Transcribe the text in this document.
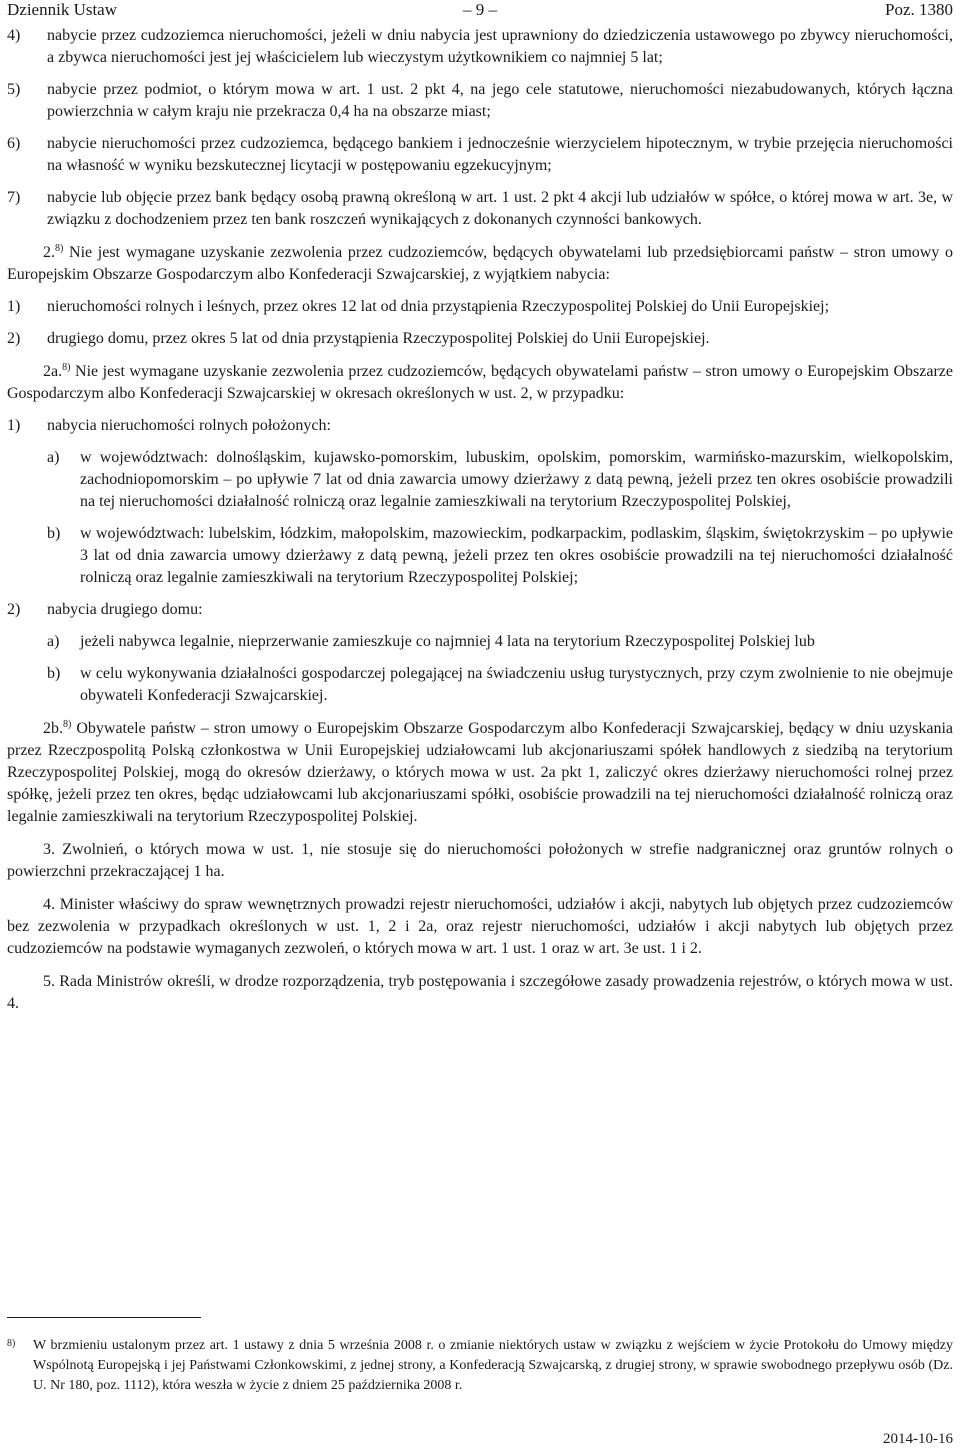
Dziennik Ustaw	– 9 –	Poz. 1380
4) nabycie przez cudzoziemca nieruchomości, jeżeli w dniu nabycia jest uprawniony do dziedziczenia ustawowego po zbywcy nieruchomości, a zbywca nieruchomości jest jej właścicielem lub wieczystym użytkownikiem co najmniej 5 lat;
5) nabycie przez podmiot, o którym mowa w art. 1 ust. 2 pkt 4, na jego cele statutowe, nieruchomości niezabudowanych, których łączna powierzchnia w całym kraju nie przekracza 0,4 ha na obszarze miast;
6) nabycie nieruchomości przez cudzoziemca, będącego bankiem i jednocześnie wierzycielem hipotecznym, w trybie przejęcia nieruchomości na własność w wyniku bezskutecznej licytacji w postępowaniu egzekucyjnym;
7) nabycie lub objęcie przez bank będący osobą prawną określoną w art. 1 ust. 2 pkt 4 akcji lub udziałów w spółce, o której mowa w art. 3e, w związku z dochodzeniem przez ten bank roszczeń wynikających z dokonanych czynności bankowych.

2.$^{8)}$ Nie jest wymagane uzyskanie zezwolenia przez cudzoziemców, będących obywatelami lub przedsiębiorcami państw – stron umowy o Europejskim Obszarze Gospodarczym albo Konfederacji Szwajcarskiej, z wyjątkiem nabycia:

1) nieruchomości rolnych i leśnych, przez okres 12 lat od dnia przystąpienia Rzeczypospolitej Polskiej do Unii Europejskiej;
2) drugiego domu, przez okres 5 lat od dnia przystąpienia Rzeczypospolitej Polskiej do Unii Europejskiej.

2a.$^{8)}$ Nie jest wymagane uzyskanie zezwolenia przez cudzoziemców, będących obywatelami państw – stron umowy o Europejskim Obszarze Gospodarczym albo Konfederacji Szwajcarskiej w okresach określonych w ust. 2, w przypadku:

1) nabycia nieruchomości rolnych położonych:
a) w województwach: dolnośląskim, kujawsko-pomorskim, lubuskim, opolskim, pomorskim, warmińsko-mazurskim, wielkopolskim, zachodniopomorskim – po upływie 7 lat od dnia zawarcia umowy dzierżawy z datą pewną, jeżeli przez ten okres osobiście prowadzili na tej nieruchomości działalność rolniczą oraz legalnie zamieszkiwali na terytorium Rzeczypospolitej Polskiej,
b) w województwach: lubelskim, łódzkim, małopolskim, mazowieckim, podkarpackim, podlaskim, śląskim, świętokrzyskim – po upływie 3 lat od dnia zawarcia umowy dzierżawy z datą pewną, jeżeli przez ten okres osobiście prowadzili na tej nieruchomości działalność rolniczą oraz legalnie zamieszkiwali na terytorium Rzeczypospolitej Polskiej;
2) nabycia drugiego domu:
a) jeżeli nabywca legalnie, nieprzerwanie zamieszkuje co najmniej 4 lata na terytorium Rzeczypospolitej Polskiej lub
b) w celu wykonywania działalności gospodarczej polegającej na świadczeniu usług turystycznych, przy czym zwolnienie to nie obejmuje obywateli Konfederacji Szwajcarskiej.

2b.$^{8)}$ Obywatele państw – stron umowy o Europejskim Obszarze Gospodarczym albo Konfederacji Szwajcarskiej, będący w dniu uzyskania przez Rzeczpospolitą Polską członkostwa w Unii Europejskiej udziałowcami lub akcjonariuszami spółek handlowych z siedzibą na terytorium Rzeczypospolitej Polskiej, mogą do okresów dzierżawy, o których mowa w ust. 2a pkt 1, zaliczyć okres dzierżawy nieruchomości rolnej przez spółkę, jeżeli przez ten okres, będąc udziałowcami lub akcjonariuszami spółki, osobiście prowadzili na tej nieruchomości działalność rolniczą oraz legalnie zamieszkiwali na terytorium Rzeczypospolitej Polskiej.

3. Zwolnień, o których mowa w ust. 1, nie stosuje się do nieruchomości położonych w strefie nadgranicznej oraz gruntów rolnych o powierzchni przekraczającej 1 ha.

4. Minister właściwy do spraw wewnętrznych prowadzi rejestr nieruchomości, udziałów i akcji, nabytych lub objętych przez cudzoziemców bez zezwolenia w przypadkach określonych w ust. 1, 2 i 2a, oraz rejestr nieruchomości, udziałów i akcji nabytych lub objętych przez cudzoziemców na podstawie wymaganych zezwoleń, o których mowa w art. 1 ust. 1 oraz w art. 3e ust. 1 i 2.

5. Rada Ministrów określi, w drodze rozporządzenia, tryb postępowania i szczegółowe zasady prowadzenia rejestrów, o których mowa w ust. 4.

8)	W brzmieniu ustalonym przez art. 1 ustawy z dnia 5 września 2008 r. o zmianie niektórych ustaw w związku z wejściem w życie Protokołu do Umowy między Wspólnotą Europejską i jej Państwami Członkowskimi, z jednej strony, a Konfederacją Szwajcarską, z drugiej strony, w sprawie swobodnego przepływu osób (Dz. U. Nr 180, poz. 1112), która weszła w życie z dniem 25 października 2008 r.
2014-10-16
